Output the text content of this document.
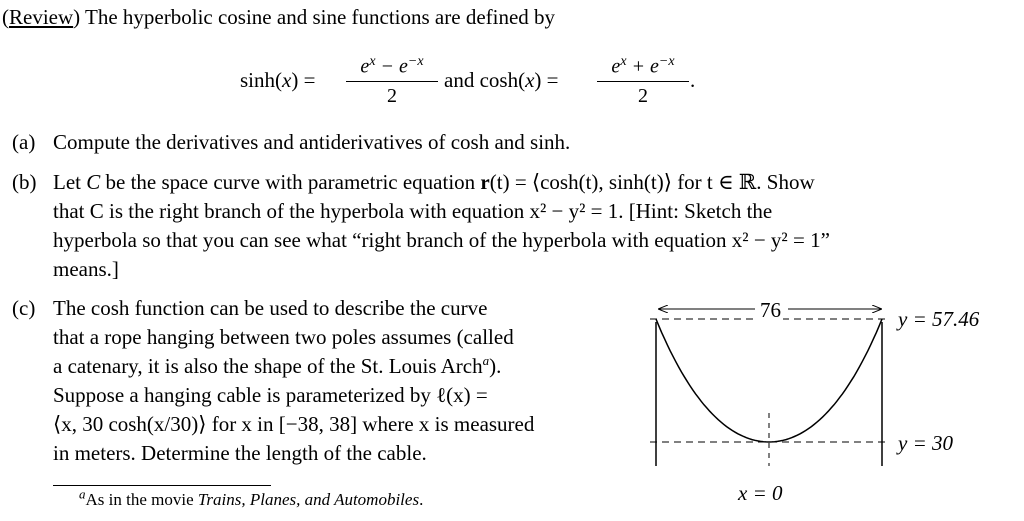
(Review) The hyperbolic cosine and sine functions are defined by
sinh(x) =
$e^x - e^{-x}$
2
and cosh(x) =
$e^x + e^{-x}$
2
.
(a) Compute the derivatives and antiderivatives of cosh and sinh.
(b) Let C be the space curve with parametric equation r(t) = ⟨cosh(t), sinh(t)⟩ for t ∈ ℝ. Show
that C is the right branch of the hyperbola with equation x² − y² = 1. [Hint: Sketch the
hyperbola so that you can see what “right branch of the hyperbola with equation x² − y² = 1”
means.]
(c) The cosh function can be used to describe the curve
that a rope hanging between two poles assumes (called
a catenary, it is also the shape of the St. Louis Arch$^a$).
Suppose a hanging cable is parameterized by ℓ(x) =
⟨x, 30 cosh(x/30)⟩ for x in [−38, 38] where x is measured
in meters. Determine the length of the cable.
$^a$As in the movie Trains, Planes, and Automobiles.
76	y = 57.46
y = 30
x = 0
